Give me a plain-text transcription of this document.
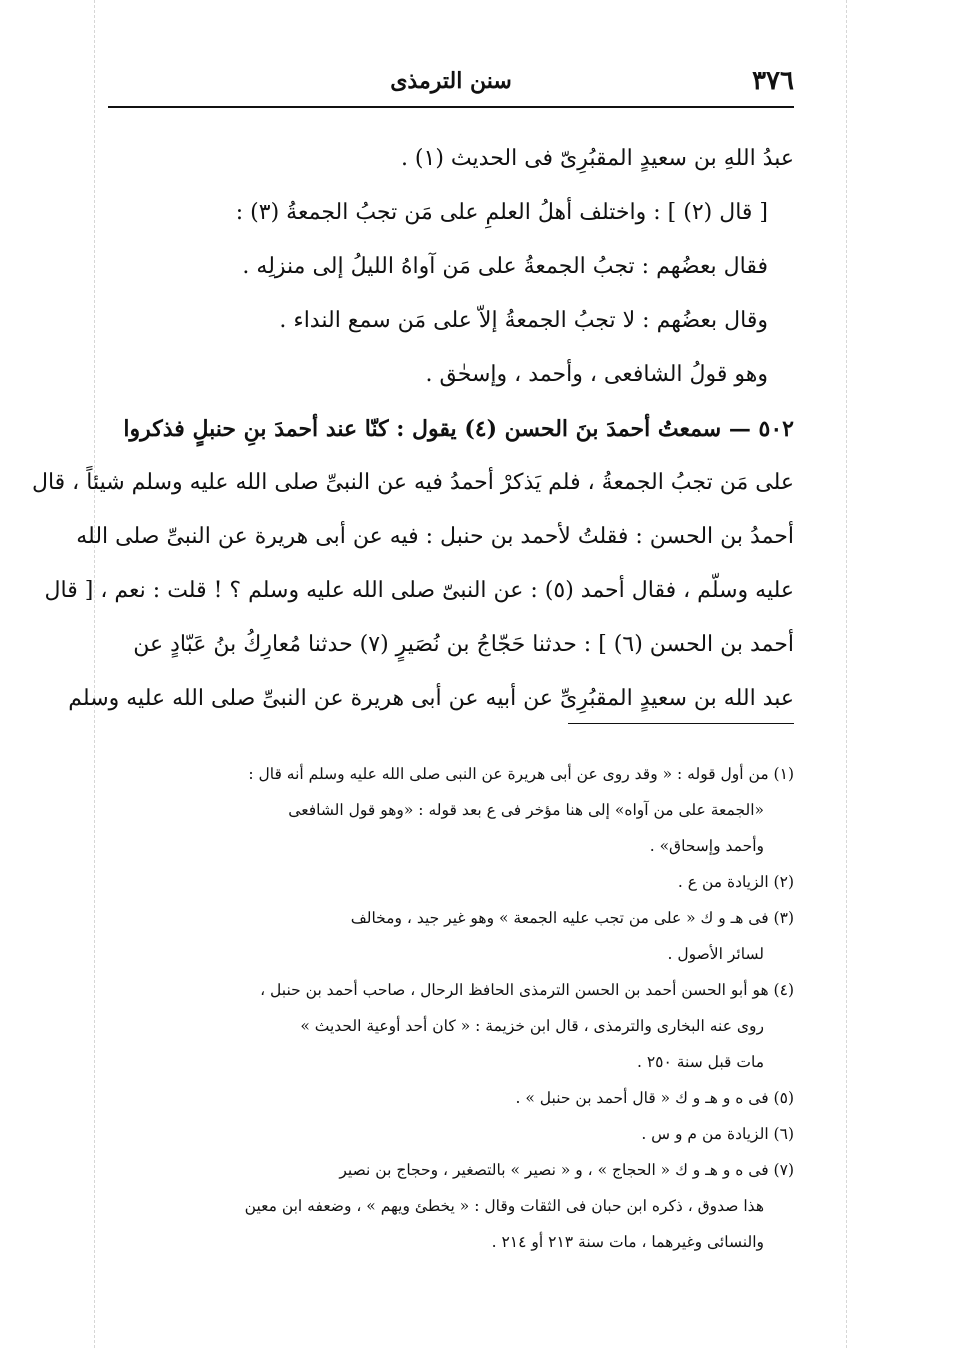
٣٧٦
سنن الترمذى
عبدُ اللهِ بن سعيدٍ المقبُرِىّ فى الحديث (١) .
[ قال (٢) ] : واختلف أهلُ العلمِ على مَن تجبُ الجمعةُ (٣) :
فقال بعضُهم : تجبُ الجمعةُ على مَن آواهُ الليلُ إلى منزلِه .
وقال بعضُهم : لا تجبُ الجمعةُ إلاّ على مَن سمع النداء .
وهو قولُ الشافعى ، وأحمد ، وإسحٰق .
٥٠٢ — سمعتُ أحمدَ بنَ الحسن (٤) يقول : كنّا عند أحمدَ بنِ حنبلٍ فذكروا
على مَن تجبُ الجمعةُ ، فلم يَذكرْ أحمدُ فيه عن النبىِّ صلى الله عليه وسلم شيئاً ، قال
أحمدُ بن الحسن : فقلتُ لأحمد بن حنبل : فيه عن أبى هريرة عن النبىِّ صلى الله
عليه وسلّم ، فقال أحمد (٥) : عن النبىّ صلى الله عليه وسلم ؟ ! قلت : نعم ، [ قال
أحمد بن الحسن (٦) ] : حدثنا حَجّاجُ بن نُصَيرٍ (٧) حدثنا مُعارِكُ بنُ عَبّادٍ عن
عبد الله بن سعيدٍ المقبُرِىِّ عن أبيه عن أبى هريرة عن النبىِّ صلى الله عليه وسلم
(١) من أول قوله : « وقد روى عن أبى هريرة عن النبى صلى الله عليه وسلم أنه قال :
«الجمعة على من آواه» إلى هنا مؤخر فى ع بعد قوله : «وهو قول الشافعى
وأحمد وإسحاق» .
(٢) الزيادة من ع .
(٣) فى هـ و ك « على من تجب عليه الجمعة » وهو غير جيد ، ومخالف
لسائر الأصول .
(٤) هو أبو الحسن أحمد بن الحسن الترمذى الحافظ الرحال ، صاحب أحمد بن حنبل ،
روى عنه البخارى والترمذى ، قال ابن خزيمة : « كان أحد أوعية الحديث »
مات قبل سنة ٢٥٠ .
(٥) فى ه و هـ و ك « قال أحمد بن حنبل » .
(٦) الزيادة من م و س .
(٧) فى ه و هـ و ك « الحجاج » ، و « نصير » بالتصغير ، وحجاج بن نصير
هذا صدوق ، ذكره ابن حبان فى الثقات وقال : « يخطئ ويهم » ، وضعفه ابن معين
والنسائى وغيرهما ، مات سنة ٢١٣ أو ٢١٤ .
